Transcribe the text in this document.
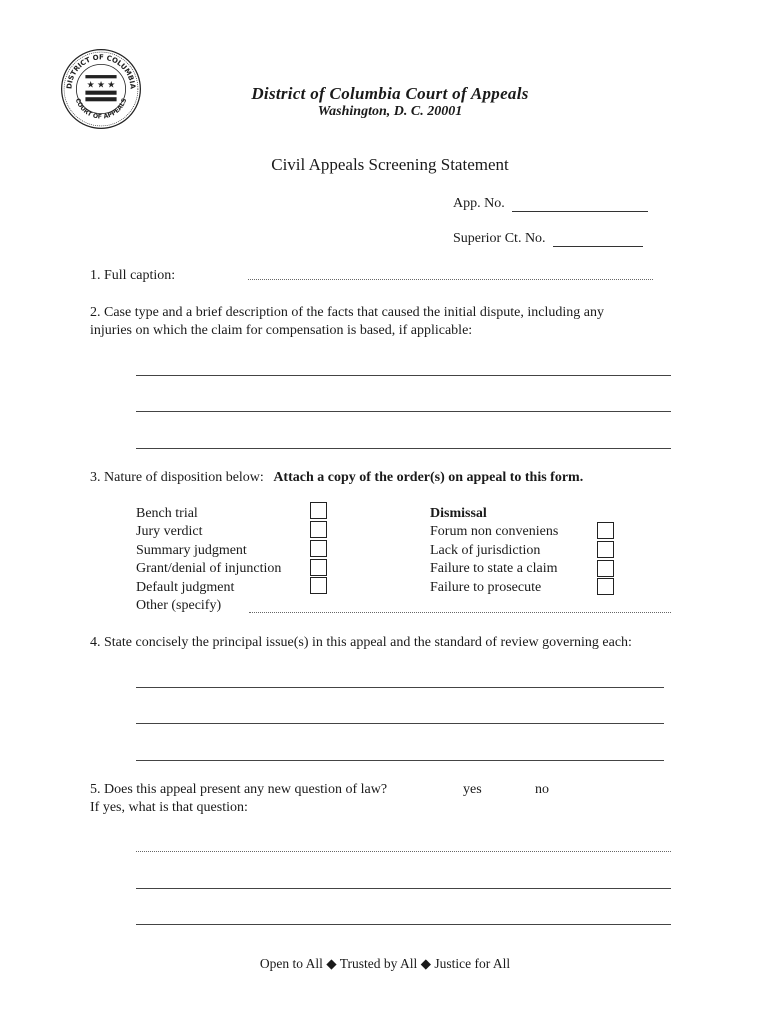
DISTRICT OF COLUMBIA
COURT OF APPEALS
★ ★ ★	District of Columbia Court of Appeals
Washington, D. C. 20001
Civil Appeals Screening Statement
App. No.
Superior Ct. No.
1. Full caption:
2. Case type and a brief description of the facts that caused the initial dispute, including any
injuries on which the claim for compensation is based, if applicable:
3. Nature of disposition below: Attach a copy of the order(s) on appeal to this form.
Bench trial
Jury verdict
Summary judgment
Grant/denial of injunction
Default judgment
Other (specify)
Dismissal
Forum non conveniens
Lack of jurisdiction
Failure to state a claim
Failure to prosecute
4. State concisely the principal issue(s) in this appeal and the standard of review governing each:
5. Does this appeal present any new question of law?	yes	no
If yes, what is that question:
Open to All ◆ Trusted by All ◆ Justice for All
